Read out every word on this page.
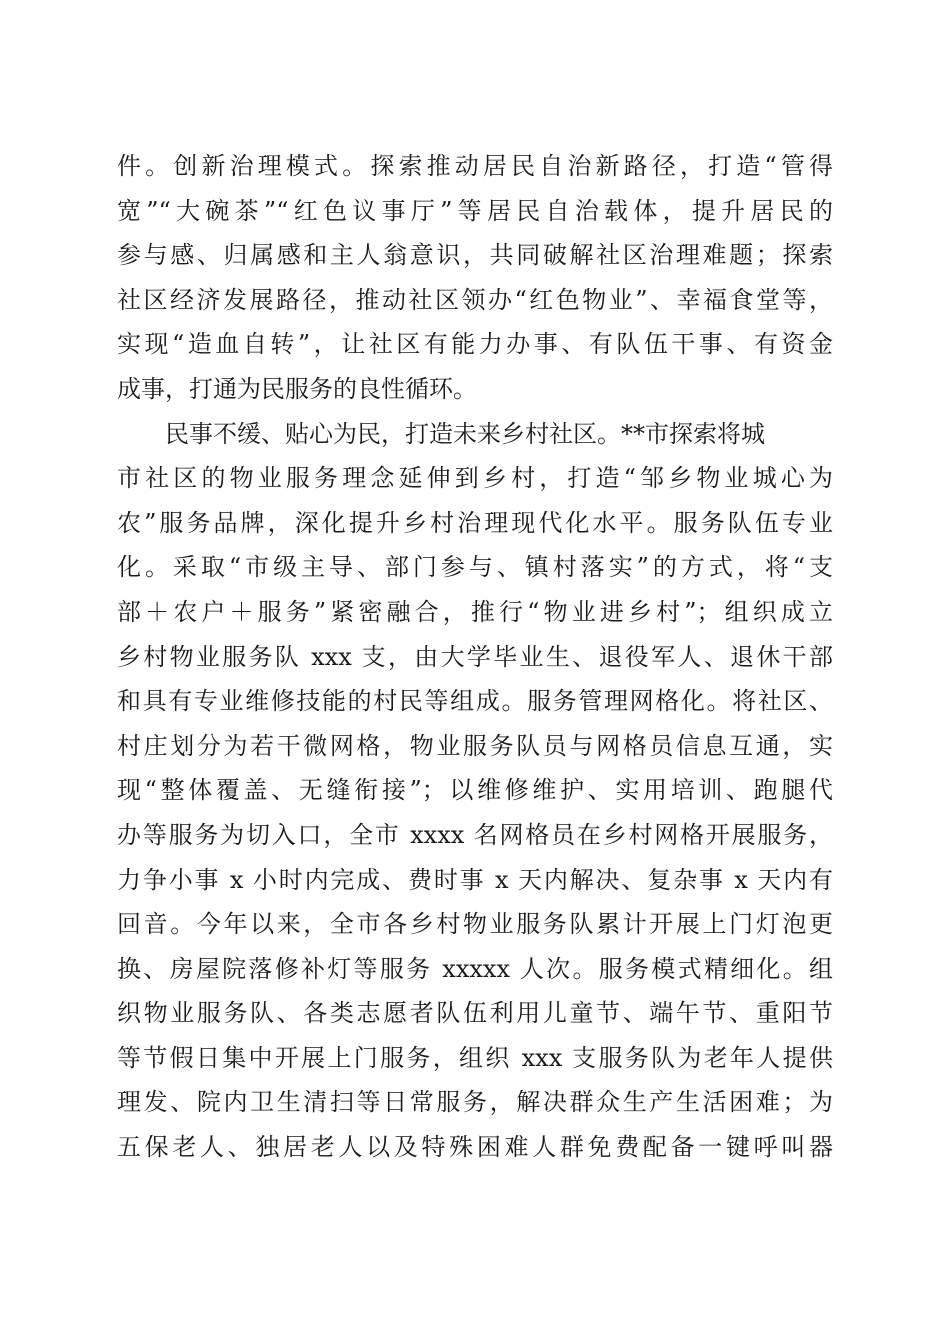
件。创新治理模式。探索推动居民自治新路径，打造“管得
宽”“大碗茶”“红色议事厅”等居民自治载体，提升居民的
参与感、归属感和主人翁意识，共同破解社区治理难题；探索
社区经济发展路径，推动社区领办“红色物业”、幸福食堂等，
实现“造血自转”，让社区有能力办事、有队伍干事、有资金
成事，打通为民服务的良性循环。
　　民事不缓、贴心为民，打造未来乡村社区。**市探索将城
市社区的物业服务理念延伸到乡村，打造“邹乡物业城心为
农”服务品牌，深化提升乡村治理现代化水平。服务队伍专业
化。采取“市级主导、部门参与、镇村落实”的方式，将“支
部＋农户＋服务”紧密融合，推行“物业进乡村”；组织成立
乡村物业服务队 xxx 支，由大学毕业生、退役军人、退休干部
和具有专业维修技能的村民等组成。服务管理网格化。将社区、
村庄划分为若干微网格，物业服务队员与网格员信息互通，实
现“整体覆盖、无缝衔接”；以维修维护、实用培训、跑腿代
办等服务为切入口，全市 xxxx 名网格员在乡村网格开展服务，
力争小事 x 小时内完成、费时事 x 天内解决、复杂事 x 天内有
回音。今年以来，全市各乡村物业服务队累计开展上门灯泡更
换、房屋院落修补灯等服务 xxxxx 人次。服务模式精细化。组
织物业服务队、各类志愿者队伍利用儿童节、端午节、重阳节
等节假日集中开展上门服务，组织 xxx 支服务队为老年人提供
理发、院内卫生清扫等日常服务，解决群众生产生活困难；为
五保老人、独居老人以及特殊困难人群免费配备一键呼叫器
